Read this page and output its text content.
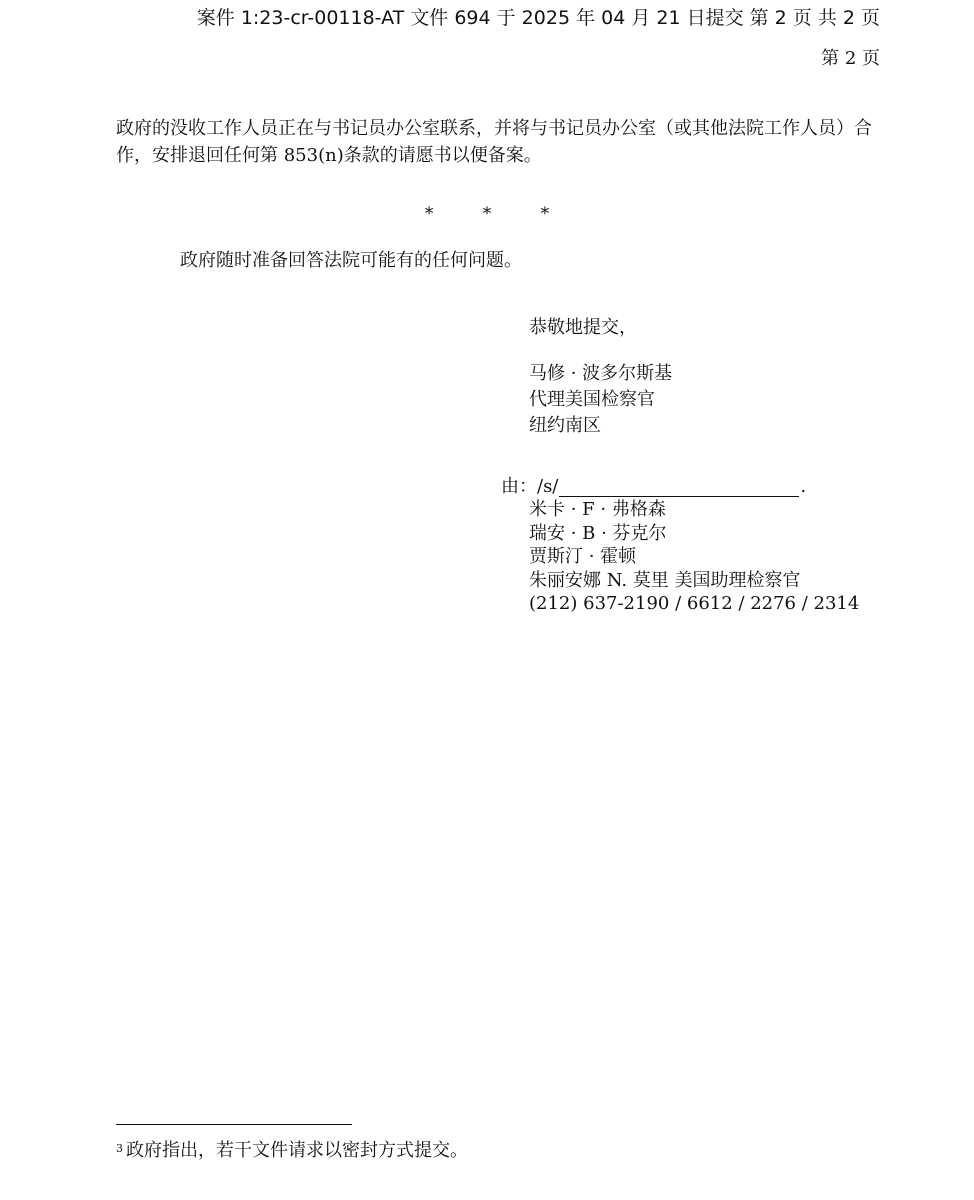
案件 1:23-cr-00118-AT 文件 694 于 2025 年 04 月 21 日提交 第 2 页 共 2 页
第 2 页
政府的没收工作人员正在与书记员办公室联系，并将与书记员办公室（或其他法院工作人员）合作，安排退回任何第 853(n)条款的请愿书以便备案。
* * *
政府随时准备回答法院可能有的任何问题。
恭敬地提交，
马修 · 波多尔斯基
代理美国检察官
纽约南区
由： /s/	.
米卡 · F · 弗格森
瑞安 · B · 芬克尔
贾斯汀 · 霍顿
朱丽安娜 N. 莫里 美国助理检察官
(212) 637-2190 / 6612 / 2276 / 2314
$^3$ 政府指出，若干文件请求以密封方式提交。
